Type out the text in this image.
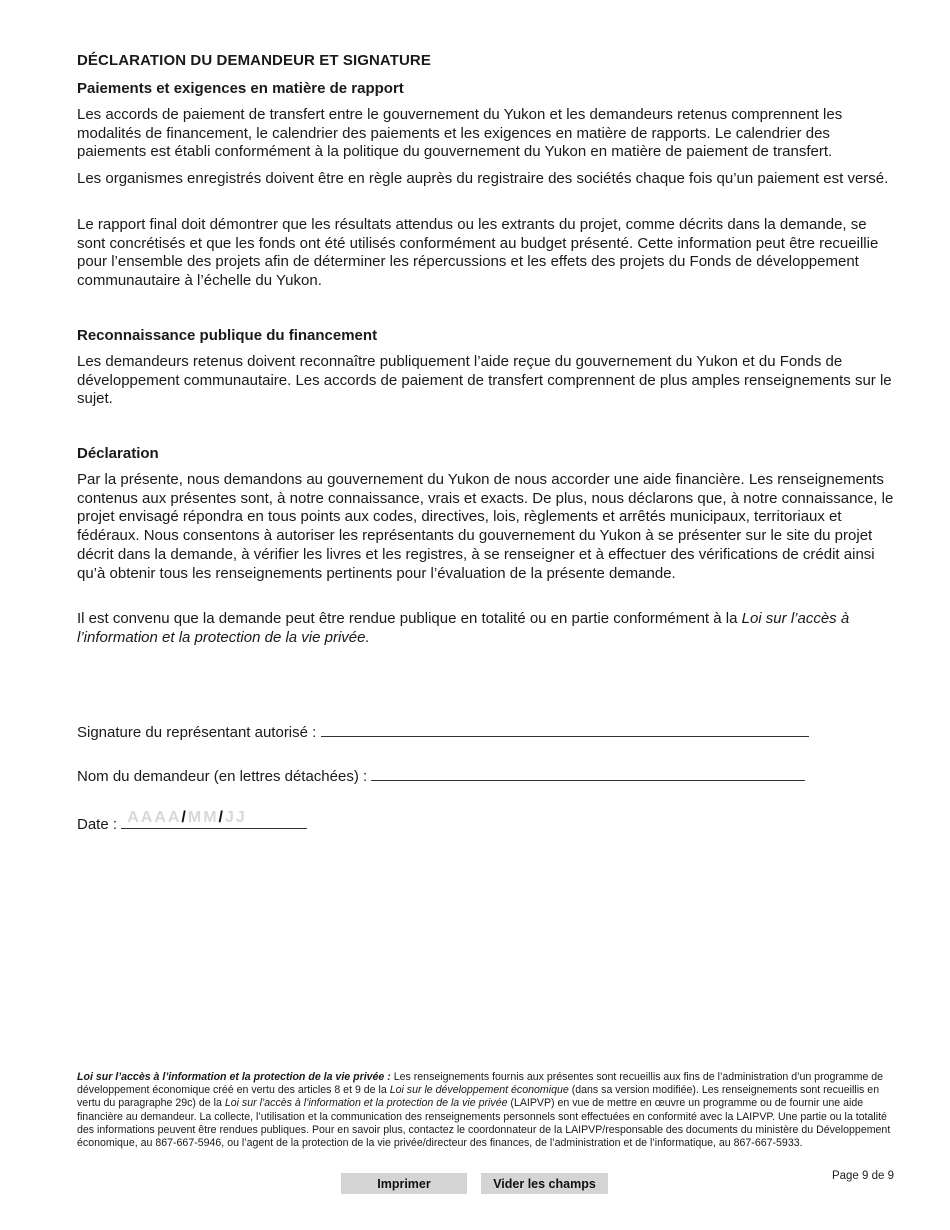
DÉCLARATION DU DEMANDEUR ET SIGNATURE
Paiements et exigences en matière de rapport
Les accords de paiement de transfert entre le gouvernement du Yukon et les demandeurs retenus comprennent les modalités de financement, le calendrier des paiements et les exigences en matière de rapports. Le calendrier des paiements est établi conformément à la politique du gouvernement du Yukon en matière de paiement de transfert.
Les organismes enregistrés doivent être en règle auprès du registraire des sociétés chaque fois qu’un paiement est versé.
Le rapport final doit démontrer que les résultats attendus ou les extrants du projet, comme décrits dans la demande, se sont concrétisés et que les fonds ont été utilisés conformément au budget présenté. Cette information peut être recueillie pour l’ensemble des projets afin de déterminer les répercussions et les effets des projets du Fonds de développement communautaire à l’échelle du Yukon.
Reconnaissance publique du financement
Les demandeurs retenus doivent reconnaître publiquement l’aide reçue du gouvernement du Yukon et du Fonds de développement communautaire. Les accords de paiement de transfert comprennent de plus amples renseignements sur le sujet.
Déclaration
Par la présente, nous demandons au gouvernement du Yukon de nous accorder une aide financière. Les renseignements contenus aux présentes sont, à notre connaissance, vrais et exacts. De plus, nous déclarons que, à notre connaissance, le projet envisagé répondra en tous points aux codes, directives, lois, règlements et arrêtés municipaux, territoriaux et fédéraux. Nous consentons à autoriser les représentants du gouvernement du Yukon à se présenter sur le site du projet décrit dans la demande, à vérifier les livres et les registres, à se renseigner et à effectuer des vérifications de crédit ainsi qu’à obtenir tous les renseignements pertinents pour l’évaluation de la présente demande.
Il est convenu que la demande peut être rendue publique en totalité ou en partie conformément à la Loi sur l’accès à l’information et la protection de la vie privée.
Signature du représentant autorisé :
Nom du demandeur (en lettres détachées) :
Date : AAAA/MM/JJ
Loi sur l’accès à l’information et la protection de la vie privée : Les renseignements fournis aux présentes sont recueillis aux fins de l’administration d’un programme de développement économique créé en vertu des articles 8 et 9 de la Loi sur le développement économique (dans sa version modifiée). Les renseignements sont recueillis en vertu du paragraphe 29c) de la Loi sur l’accès à l’information et la protection de la vie privée (LAIPVP) en vue de mettre en œuvre un programme ou de fournir une aide financière au demandeur. La collecte, l’utilisation et la communication des renseignements personnels sont effectuées en conformité avec la LAIPVP. Une partie ou la totalité des informations peuvent être rendues publiques. Pour en savoir plus, contactez le coordonnateur de la LAIPVP/responsable des documents du ministère du Développement économique, au 867-667-5946, ou l’agent de la protection de la vie privée/directeur des finances, de l’administration et de l’informatique, au 867-667-5933.
Imprimer	Vider les champs
Page 9 de 9
